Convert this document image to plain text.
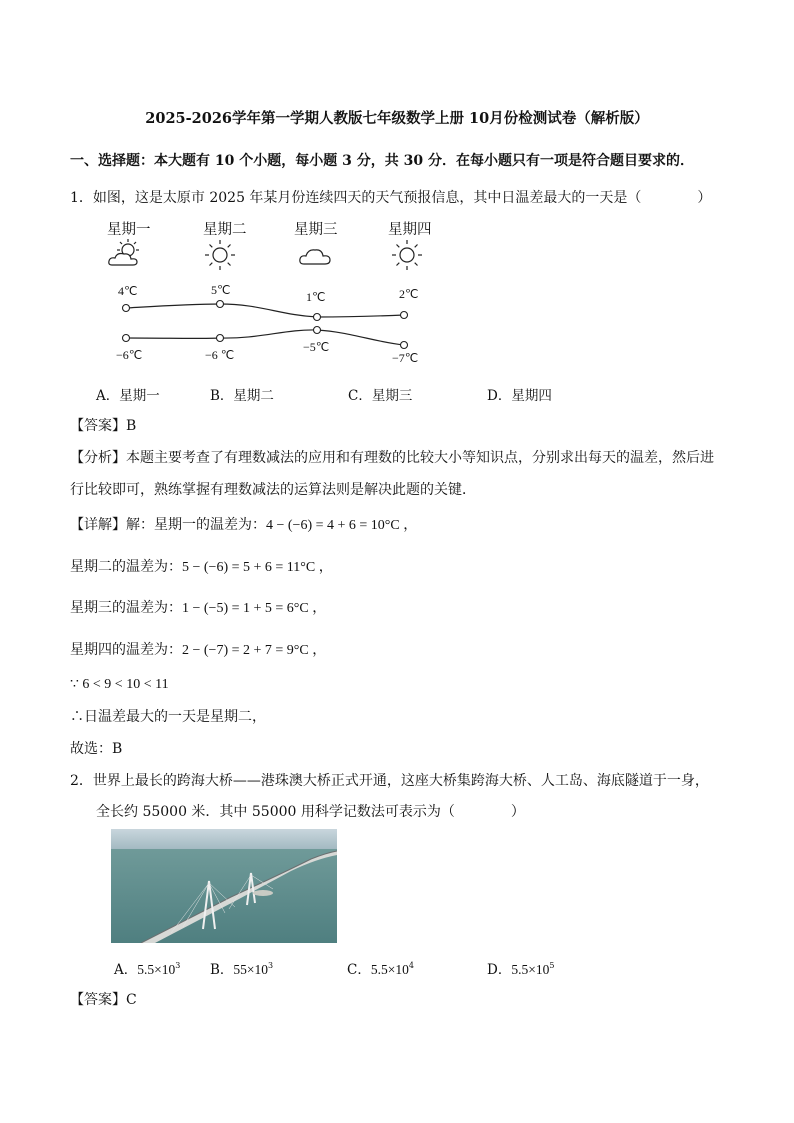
2025-2026学年第一学期人教版七年级数学上册 10月份检测试卷（解析版）
一、选择题：本大题有 10 个小题，每小题 3 分，共 30 分．在每小题只有一项是符合题目要求的．
1．如图，这是太原市 2025 年某月份连续四天的天气预报信息，其中日温差最大的一天是（　　　　）
星期一	星期二	星期三	星期四
4℃	5℃	1℃	2℃
−6℃	−6 ℃
−5℃
−7℃
A．星期一	B．星期二	C．星期三	D．星期四
【答案】B
【分析】本题主要考查了有理数减法的应用和有理数的比较大小等知识点，分别求出每天的温差，然后进
行比较即可，熟练掌握有理数减法的运算法则是解决此题的关键．
【详解】解：星期一的温差为：4 − (−6) = 4 + 6 = 10°C ，
星期二的温差为：5 − (−6) = 5 + 6 = 11°C ，
星期三的温差为：1 − (−5) = 1 + 5 = 6°C ，
星期四的温差为：2 − (−7) = 2 + 7 = 9°C ，
∵ 6 < 9 < 10 < 11
∴日温差最大的一天是星期二，
故选：B
2．世界上最长的跨海大桥——港珠澳大桥正式开通，这座大桥集跨海大桥、人工岛、海底隧道于一身，
全长约 55000 米．其中 55000 用科学记数法可表示为（　　　　）
A．$5.5\times 10^3$ B．$55\times 10^3$	C．$5.5\times 10^4$	D．$5.5\times 10^5$
【答案】C
